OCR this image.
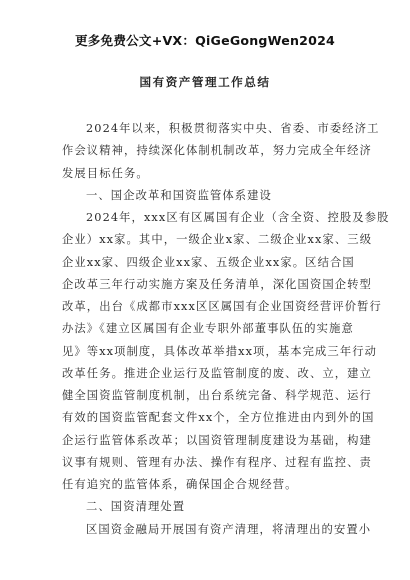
更多免费公文+VX：QiGeGongWen2024
国有资产管理工作总结
2024年以来，积极贯彻落实中央、省委、市委经济工
作会议精神，持续深化体制机制改革，努力完成全年经济
发展目标任务。
一、国企改革和国资监管体系建设
2024年，xxx区有区属国有企业（含全资、控股及参股
企业）xx家。其中，一级企业x家、二级企业xx家、三级
企业xx家、四级企业xx家、五级企业xx家。区结合国
企改革三年行动实施方案及任务清单，深化国资国企转型
改革，出台《成都市xxx区区属国有企业国资经营评价暂行
办法》《建立区属国有企业专职外部董事队伍的实施意
见》等xx项制度，具体改革举措xx项，基本完成三年行动
改革任务。推进企业运行及监管制度的废、改、立，建立
健全国资监管制度机制，出台系统完备、科学规范、运行
有效的国资监管配套文件xx个，全方位推进由内到外的国
企运行监管体系改革；以国资管理制度建设为基础，构建
议事有规则、管理有办法、操作有程序、过程有监控、责
任有追究的监管体系，确保国企合规经营。
二、国资清理处置
区国资金融局开展国有资产清理，将清理出的安置小
